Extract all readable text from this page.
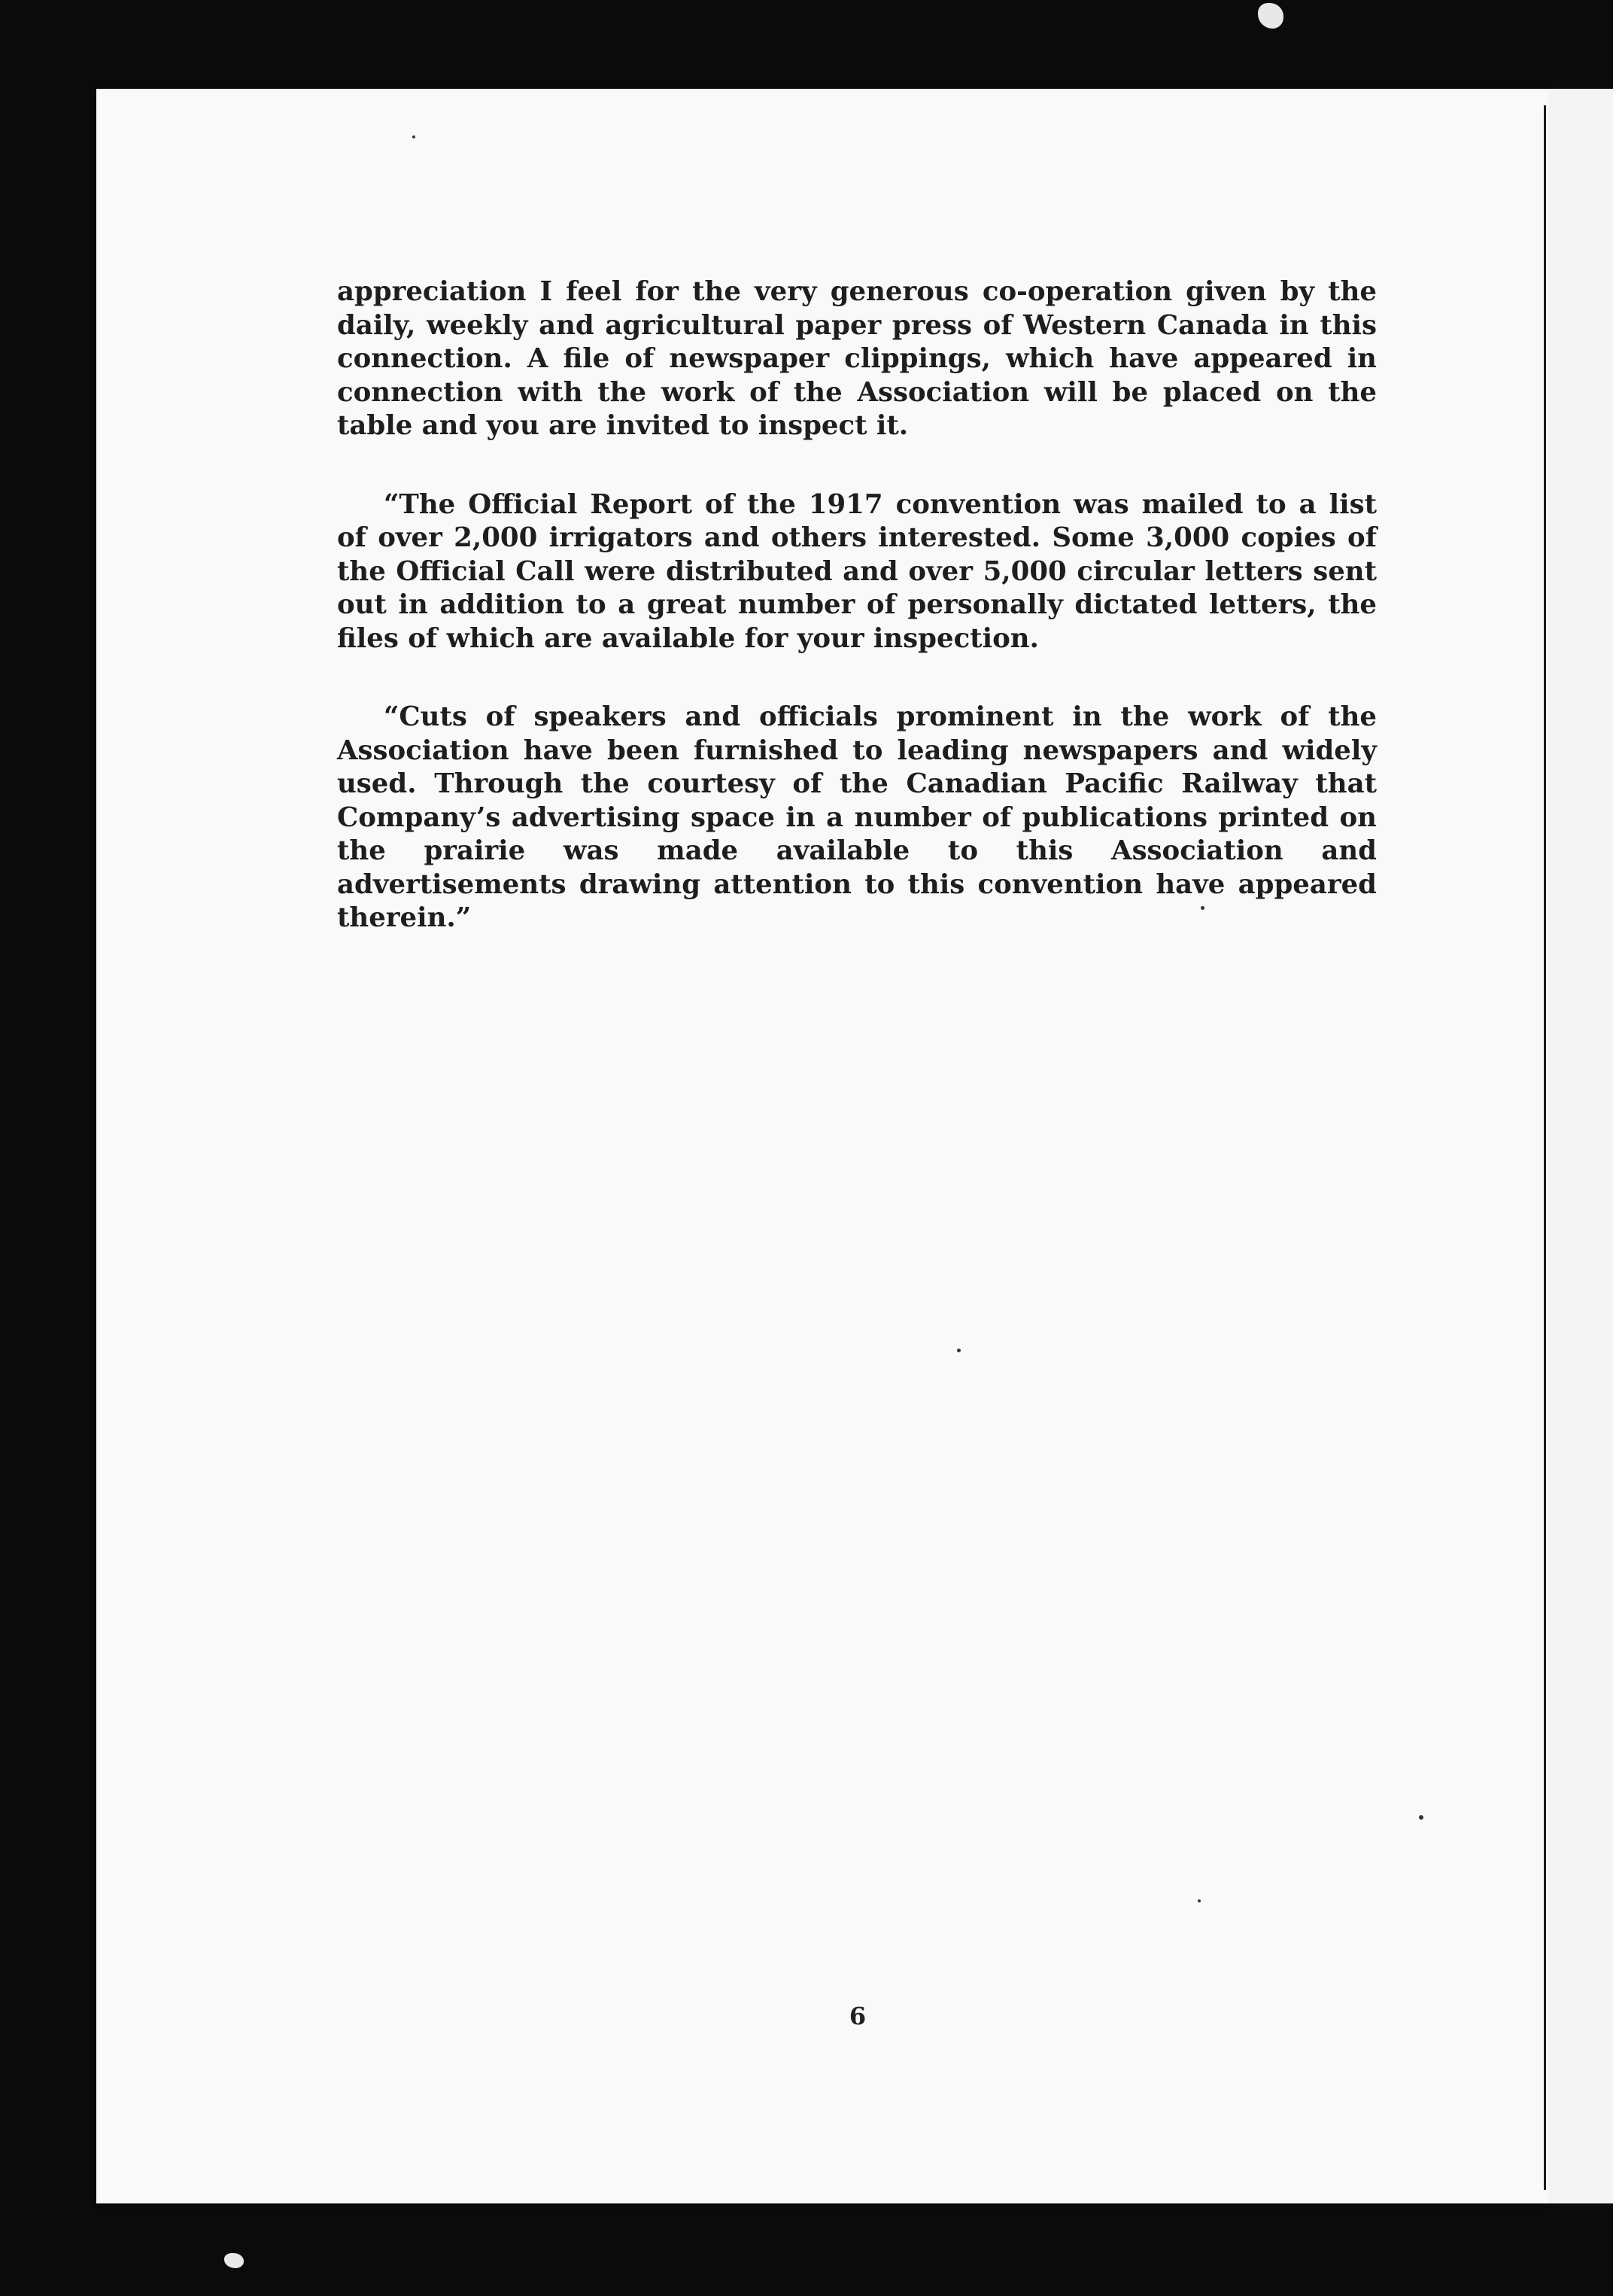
appreciation I feel for the very generous co-operation given by the daily, weekly and agricultural paper press of Western Canada in this connection. A file of newspaper clippings, which have appeared in connection with the work of the Association will be placed on the table and you are invited to inspect it.

“The Official Report of the 1917 convention was mailed to a list of over 2,000 irrigators and others interested. Some 3,000 copies of the Official Call were distributed and over 5,000 circular letters sent out in addition to a great number of personally dictated letters, the files of which are available for your inspection.

“Cuts of speakers and officials prominent in the work of the Association have been furnished to leading newspapers and widely used. Through the courtesy of the Canadian Pacific Railway that Company’s advertising space in a number of publications printed on the prairie was made available to this Association and advertisements drawing attention to this convention have appeared therein.”

6
